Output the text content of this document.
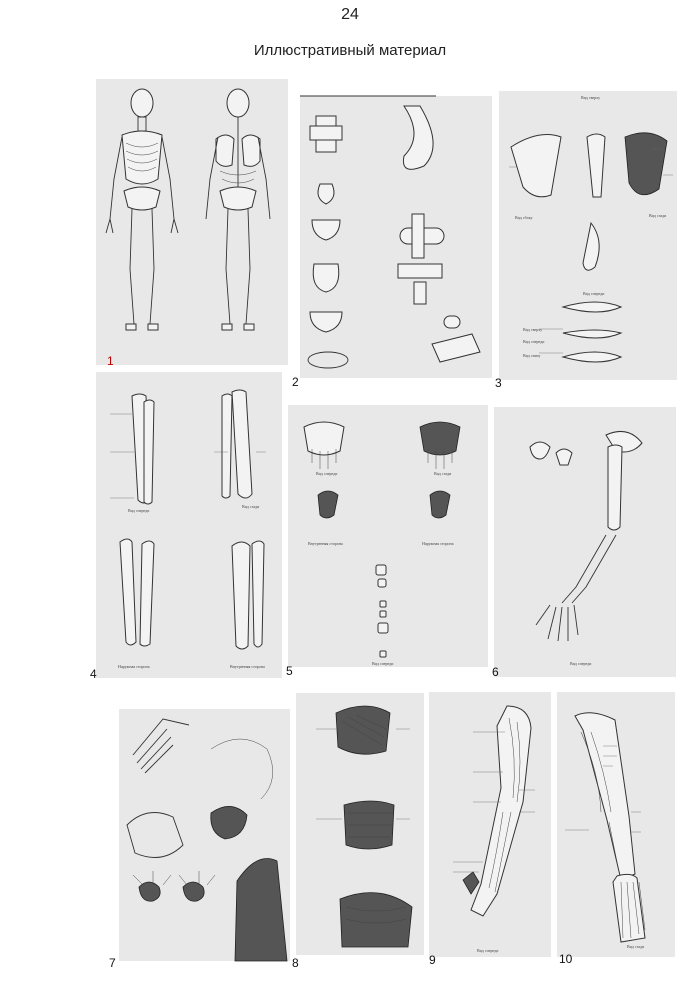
24
Иллюстративный материал
1
2
Вид сбоку	Вид сзади
Вид спереди
Вид сверху
Вид сверху
Вид спереди
Вид снизу
3
Вид спереди
Вид сзади
Наружная сторона	Внутренняя сторона
4
Вид спереди	Вид сзади
Внутренняя сторона	Наружная сторона
Вид спереди
5
Вид спереди
6
7	8
Вид спереди
9
Вид сзади
10
